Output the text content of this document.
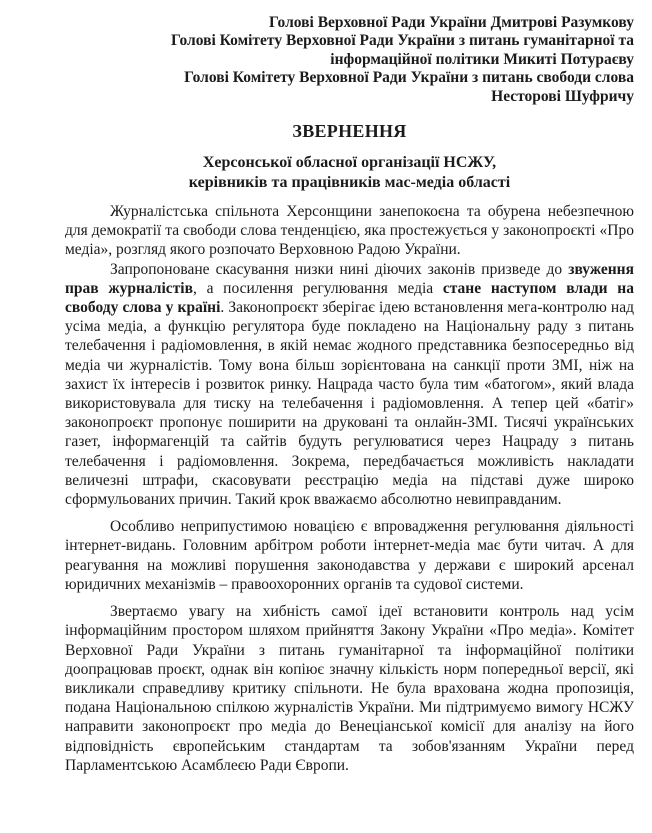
Голові Верховної Ради України Дмитрові Разумкову
Голові Комітету Верховної Ради України з питань гуманітарної та
інформаційної політики Микиті Потураєву
Голові Комітету Верховної Ради України з питань свободи слова
Несторові Шуфричу
ЗВЕРНЕННЯ
Херсонської обласної організації НСЖУ,
керівників та працівників мас-медіа області

Журналістська спільнота Херсонщини занепокоєна та обурена небезпечною для демократії та свободи слова тенденцією, яка простежується у законопроєкті «Про медіа», розгляд якого розпочато Верховною Радою України.

Запропоноване скасування низки нині діючих законів призведе до звуження прав журналістів, а посилення регулювання медіа стане наступом влади на свободу слова у країні. Законопроєкт зберігає ідею встановлення мега-контролю над усіма медіа, а функцію регулятора буде покладено на Національну раду з питань телебачення і радіомовлення, в якій немає жодного представника безпосередньо від медіа чи журналістів. Тому вона більш зорієнтована на санкції проти ЗМІ, ніж на захист їх інтересів і розвиток ринку. Нацрада часто була тим «батогом», який влада використовувала для тиску на телебачення і радіомовлення. А тепер цей «батіг» законопроєкт пропонує поширити на друковані та онлайн-ЗМІ. Тисячі українських газет, інформагенцій та сайтів будуть регулюватися через Нацраду з питань телебачення і радіомовлення. Зокрема, передбачається можливість накладати величезні штрафи, скасовувати реєстрацію медіа на підставі дуже широко сформульованих причин. Такий крок вважаємо абсолютно невиправданим.

Особливо неприпустимою новацією є впровадження регулювання діяльності інтернет-видань. Головним арбітром роботи інтернет-медіа має бути читач. А для реагування на можливі порушення законодавства у держави є широкий арсенал юридичних механізмів – правоохоронних органів та судової системи.

Звертаємо увагу на хибність самої ідеї встановити контроль над усім інформаційним простором шляхом прийняття Закону України «Про медіа». Комітет Верховної Ради України з питань гуманітарної та інформаційної політики доопрацював проєкт, однак він копіює значну кількість норм попередньої версії, які викликали справедливу критику спільноти. Не була врахована жодна пропозиція, подана Національною спілкою журналістів України. Ми підтримуємо вимогу НСЖУ направити законопроєкт про медіа до Венеціанської комісії для аналізу на його відповідність європейським стандартам та зобов'язанням України перед Парламентською Асамблеєю Ради Європи.
